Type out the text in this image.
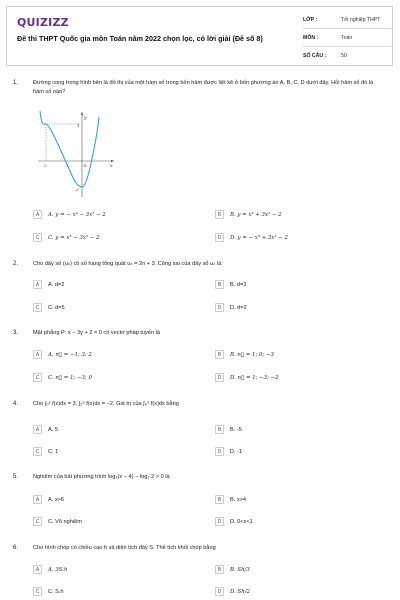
QUIZIZZ
Đề thi THPT Quốc gia môn Toán năm 2022 chọn lọc, có lời giải (Đề số 8)
LỚP :	Tốt nghiệp THPT
MÔN :	Toán
SỐ CÂU :	50
1.	Đường cong trong hình bên là đồ thị của một hàm số trong bốn hàm được liệt kê ở bốn phương án A, B, C, D dưới đây. Hỏi hàm số đó là hàm số nào?
y
x
3
-2	-1	O
-2
A	A. y = − x³ − 3x² − 2	B	B. y = x³ + 3x² − 2
C	C. y = x³ − 3x² − 2	D	D. y = − x³ + 3x² − 2
2.	Cho dãy số (uₙ) có số hạng tổng quát uₙ = 2n + 3. Công sai của dãy số uₙ là:
A	A. d=2	B	B. d=3
C	C. d=5	D	D. d=2
3.	Mặt phẳng P: x − 3y + 2 = 0 có vectơ pháp tuyến là
A	A. n⃗ = −1; 3; 2	B	B. n⃗ = 1; 0; −3
C	C. n⃗ = 1; −3; 0	D	D. n⃗ = 1; −3; −2
4.	Cho ∫₀² f(x)dx = 3; ∫₂⁵ f(x)dx = −2. Giá trị của ∫₀⁵ f(x)dx bằng
A	A. 5	B	B. -5
C	C. 1	D	D. -1
5.	Nghiệm của bất phương trình log₂(x − 4) − log₂ 2 > 0 là
A	A. x>6	B	B. x>4
C	C. Vô nghiệm	D	D. 0<x<1
6.	Cho hình chóp có chiều cao h và diện tích đáy S. Thể tích khối chóp bằng
A	A. 3S.h	B	B. Sh/3
C	C. S.h	D	D. Sh/2
